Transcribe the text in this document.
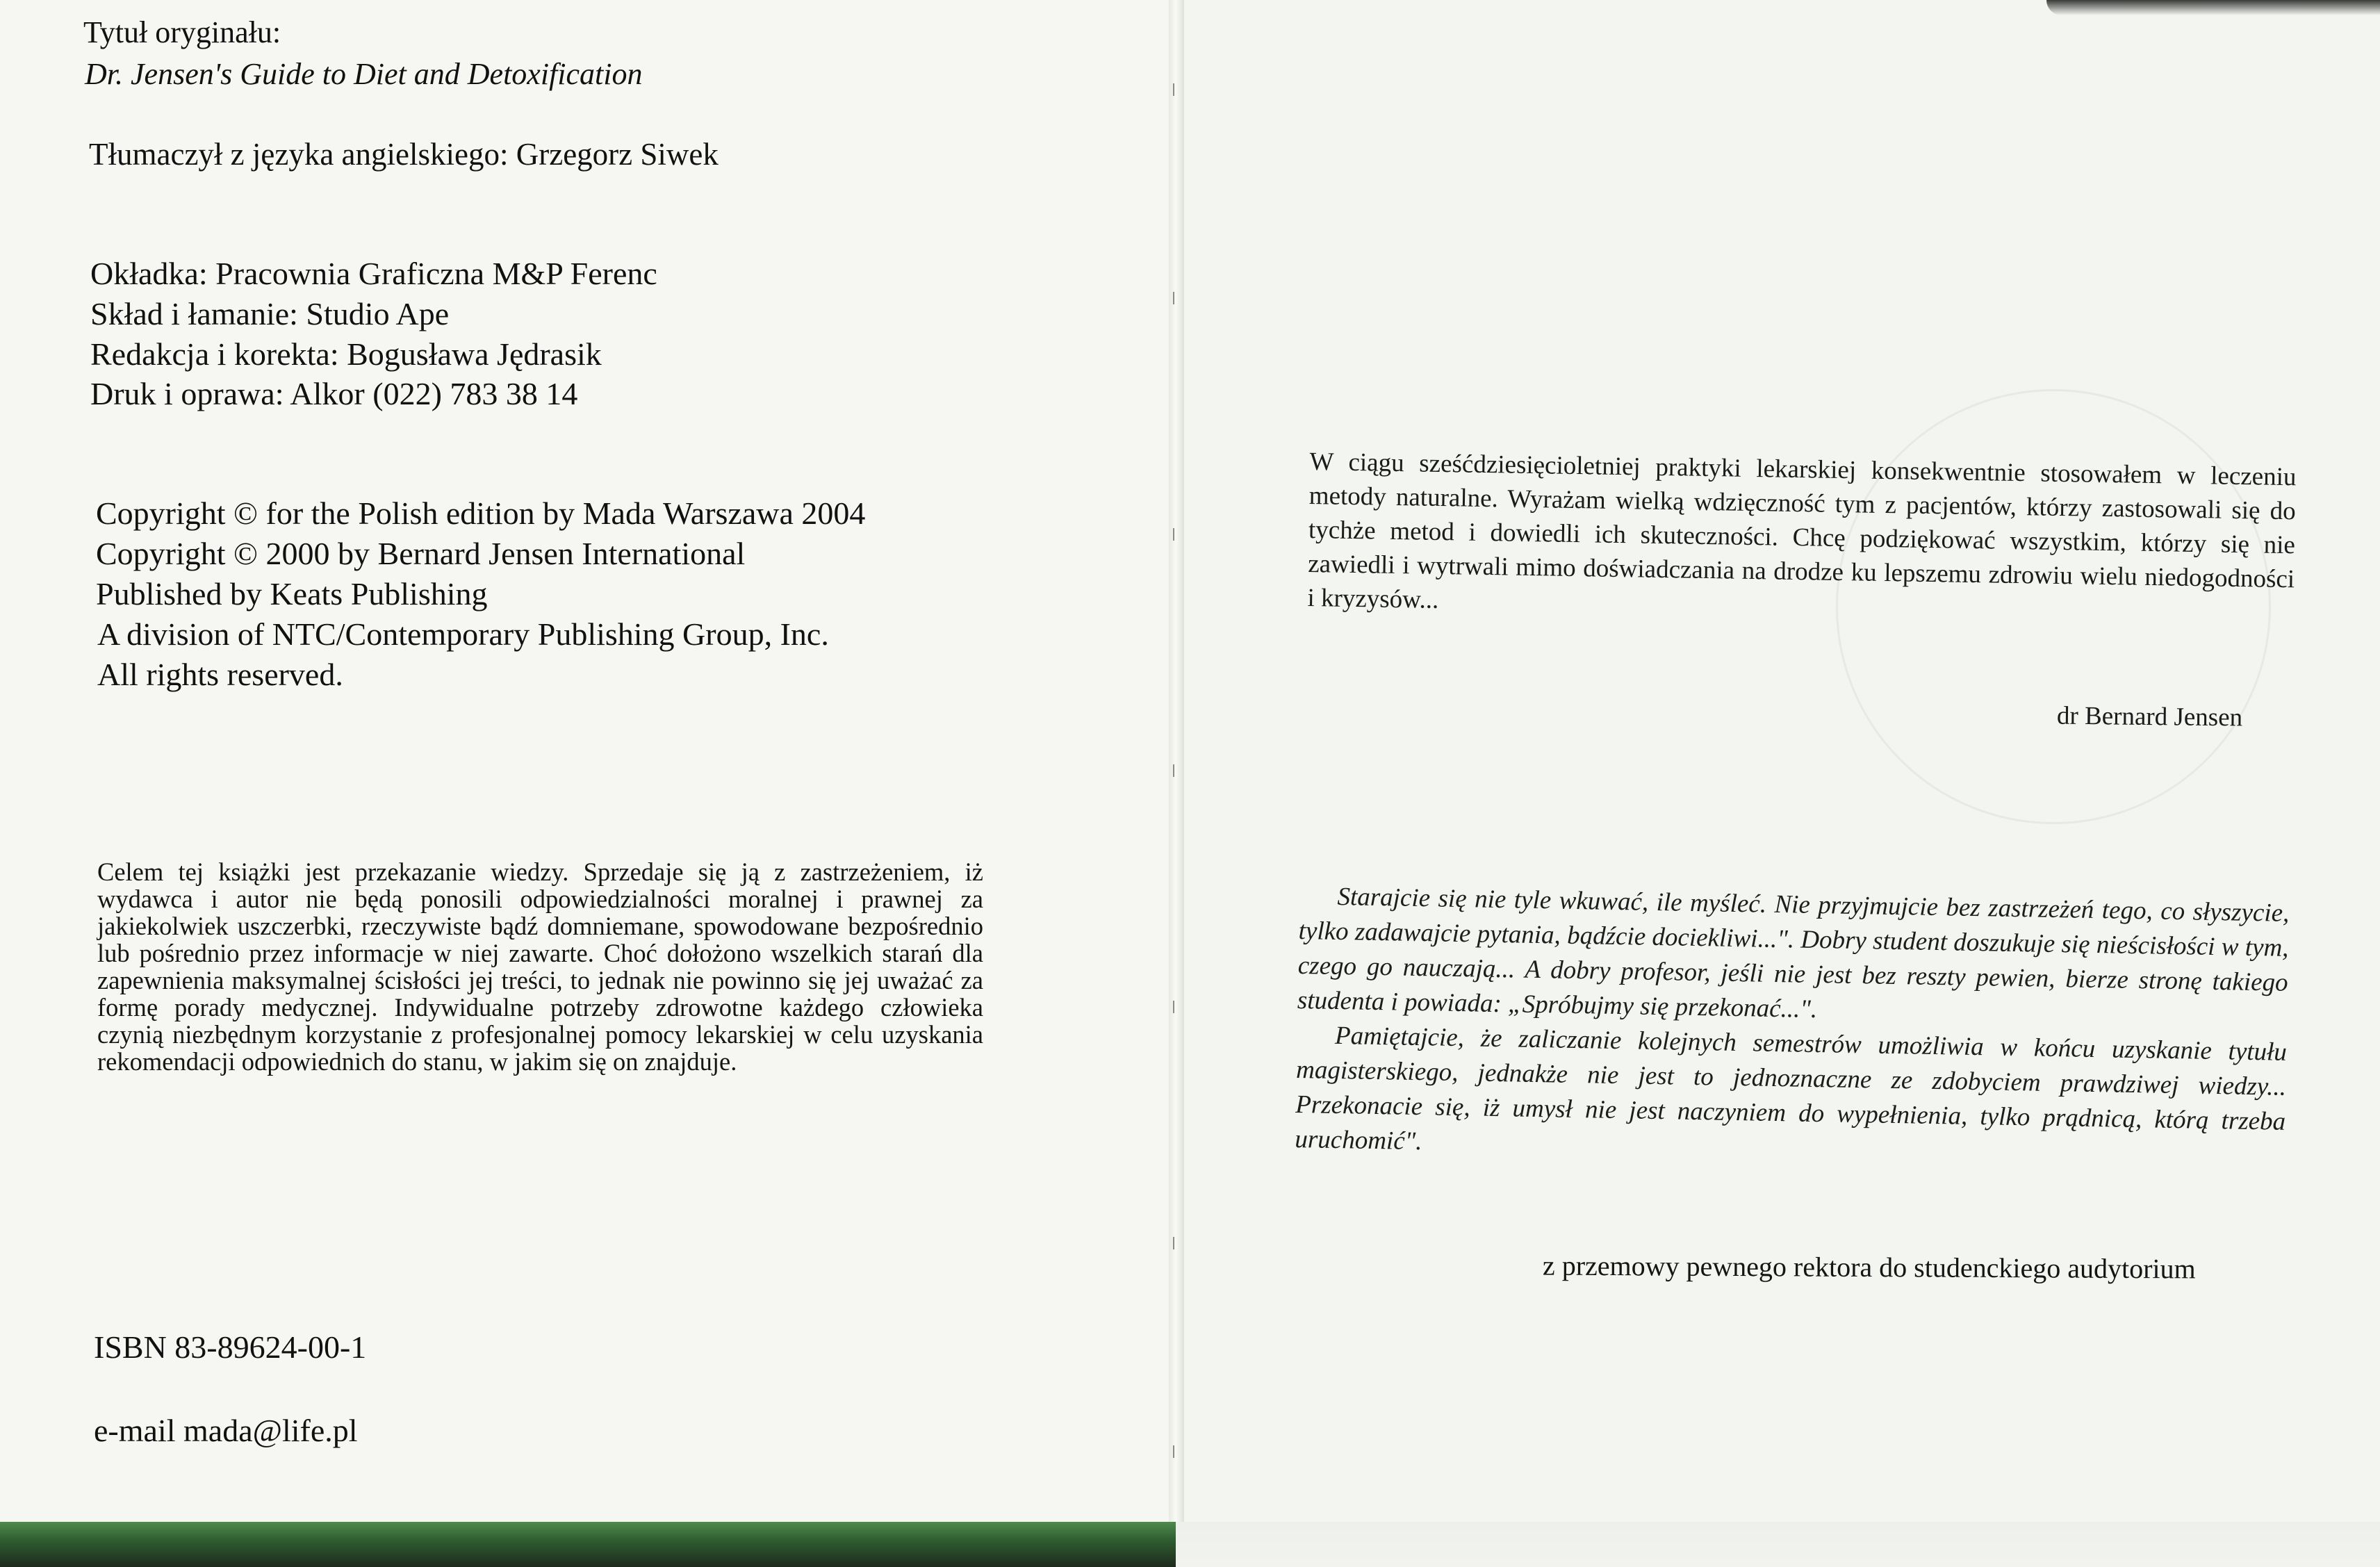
Tytuł oryginału:
Dr. Jensen's Guide to Diet and Detoxification
Tłumaczył z języka angielskiego: Grzegorz Siwek
Okładka: Pracownia Graficzna M&P Ferenc
Skład i łamanie: Studio Ape
Redakcja i korekta: Bogusława Jędrasik
Druk i oprawa: Alkor (022) 783 38 14
Copyright © for the Polish edition by Mada Warszawa 2004
Copyright © 2000 by Bernard Jensen International
Published by Keats Publishing
A division of NTC/Contemporary Publishing Group, Inc.
All rights reserved.
Celem tej książki jest przekazanie wiedzy. Sprzedaje się ją z zastrzeżeniem, iż wydawca i autor nie będą ponosili odpowiedzialności moralnej i prawnej za jakiekolwiek uszczerbki, rzeczywiste bądź domniemane, spowodowane bezpośrednio lub pośrednio przez informacje w niej zawarte. Choć dołożono wszelkich starań dla zapewnienia maksymalnej ścisłości jej treści, to jednak nie powinno się jej uważać za formę porady medycznej. Indywidualne potrzeby zdrowotne każdego człowieka czynią niezbędnym korzystanie z profesjonalnej pomocy lekarskiej w celu uzyskania rekomendacji odpowiednich do stanu, w jakim się on znajduje.
ISBN 83-89624-00-1
e-mail mada@life.pl
W ciągu sześćdziesięcioletniej praktyki lekarskiej konsekwentnie stosowałem w leczeniu metody naturalne. Wyrażam wielką wdzięczność tym z pacjentów, którzy zastosowali się do tychże metod i dowiedli ich skuteczności. Chcę podziękować wszystkim, którzy się nie zawiedli i wytrwali mimo doświadczania na drodze ku lepszemu zdrowiu wielu niedogodności i kryzysów...
dr Bernard Jensen

Starajcie się nie tyle wkuwać, ile myśleć. Nie przyjmujcie bez zastrzeżeń tego, co słyszycie, tylko zadawajcie pytania, bądźcie dociekliwi...". Dobry student doszukuje się nieścisłości w tym, czego go nauczają... A dobry profesor, jeśli nie jest bez reszty pewien, bierze stronę takiego studenta i powiada: „Spróbujmy się przekonać...".

Pamiętajcie, że zaliczanie kolejnych semestrów umożliwia w końcu uzyskanie tytułu magisterskiego, jednakże nie jest to jednoznaczne ze zdobyciem prawdziwej wiedzy... Przekonacie się, iż umysł nie jest naczyniem do wypełnienia, tylko prądnicą, którą trzeba uruchomić".

z przemowy pewnego rektora do studenckiego audytorium
